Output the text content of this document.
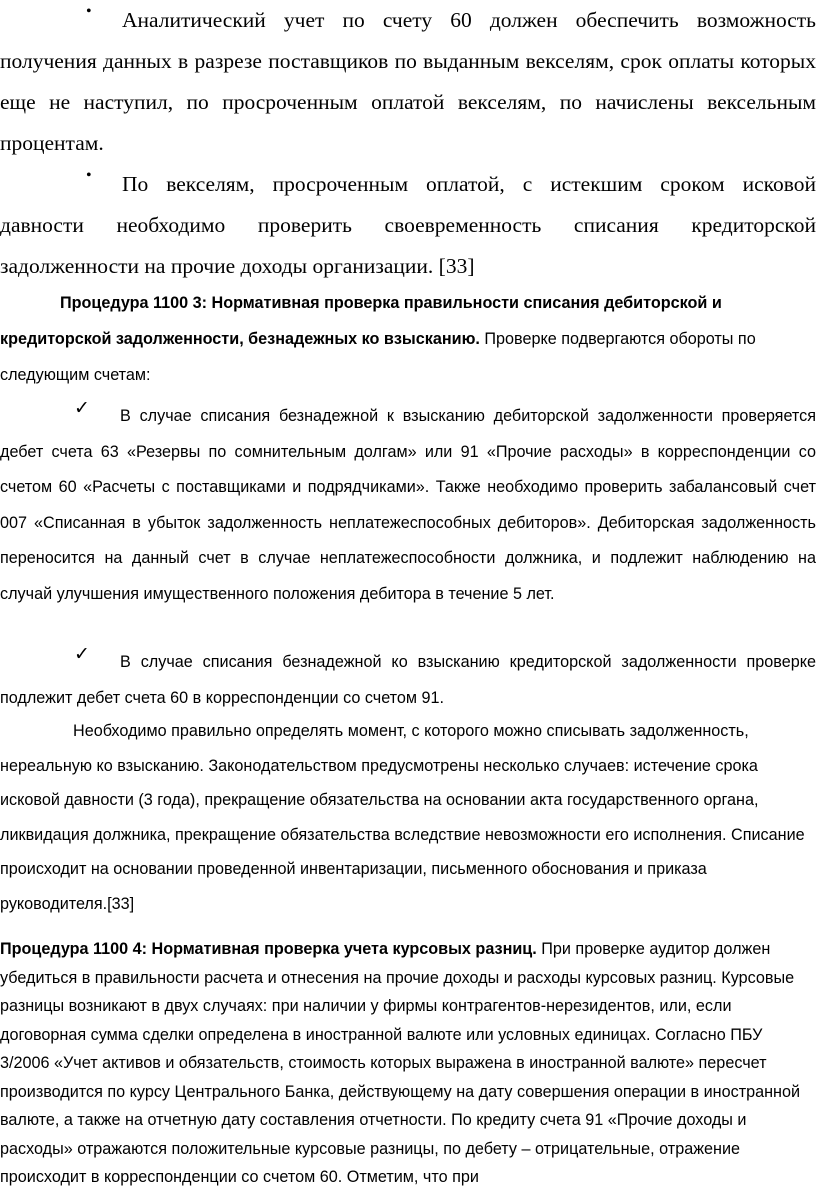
•	Аналитический учет по счету 60 должен обеспечить возможность получения данных в разрезе поставщиков по выданным векселям, срок оплаты которых еще не наступил, по просроченным оплатой векселям, по начислены вексельным процентам.

•	По векселям, просроченным оплатой, с истекшим сроком исковой давности необходимо проверить своевременность списания кредиторской задолженности на прочие доходы организации. [33]

Процедура 1100 3: Нормативная проверка правильности списания дебиторской и кредиторской задолженности, безнадежных ко взысканию. Проверке подвергаются обороты по следующим счетам:

✓	В случае списания безнадежной к взысканию дебиторской задолженности проверяется дебет счета 63 «Резервы по сомнительным долгам» или 91 «Прочие расходы» в корреспонденции со счетом 60 «Расчеты с поставщиками и подрядчиками». Также необходимо проверить забалансовый счет 007 «Списанная в убыток задолженность неплатежеспособных дебиторов». Дебиторская задолженность переносится на данный счет в случае неплатежеспособности должника, и подлежит наблюдению на случай улучшения имущественного положения дебитора в течение 5 лет.

✓	В случае списания безнадежной ко взысканию кредиторской задолженности проверке подлежит дебет счета 60 в корреспонденции со счетом 91.

Необходимо правильно определять момент, с которого можно списывать задолженность, нереальную ко взысканию. Законодательством предусмотрены несколько случаев: истечение срока исковой давности (3 года), прекращение обязательства на основании акта государственного органа, ликвидация должника, прекращение обязательства вследствие невозможности его исполнения. Списание происходит на основании проведенной инвентаризации, письменного обоснования и приказа руководителя.[33]

Процедура 1100 4: Нормативная проверка учета курсовых разниц. При проверке аудитор должен убедиться в правильности расчета и отнесения на прочие доходы и расходы курсовых разниц. Курсовые разницы возникают в двух случаях: при наличии у фирмы контрагентов-нерезидентов, или, если договорная сумма сделки определена в иностранной валюте или условных единицах. Согласно ПБУ 3/2006 «Учет активов и обязательств, стоимость которых выражена в иностранной валюте» пересчет производится по курсу Центрального Банка, действующему на дату совершения операции в иностранной валюте, а также на отчетную дату составления отчетности. По кредиту счета 91 «Прочие доходы и расходы» отражаются положительные курсовые разницы, по дебету – отрицательные, отражение происходит в корреспонденции со счетом 60. Отметим, что при
